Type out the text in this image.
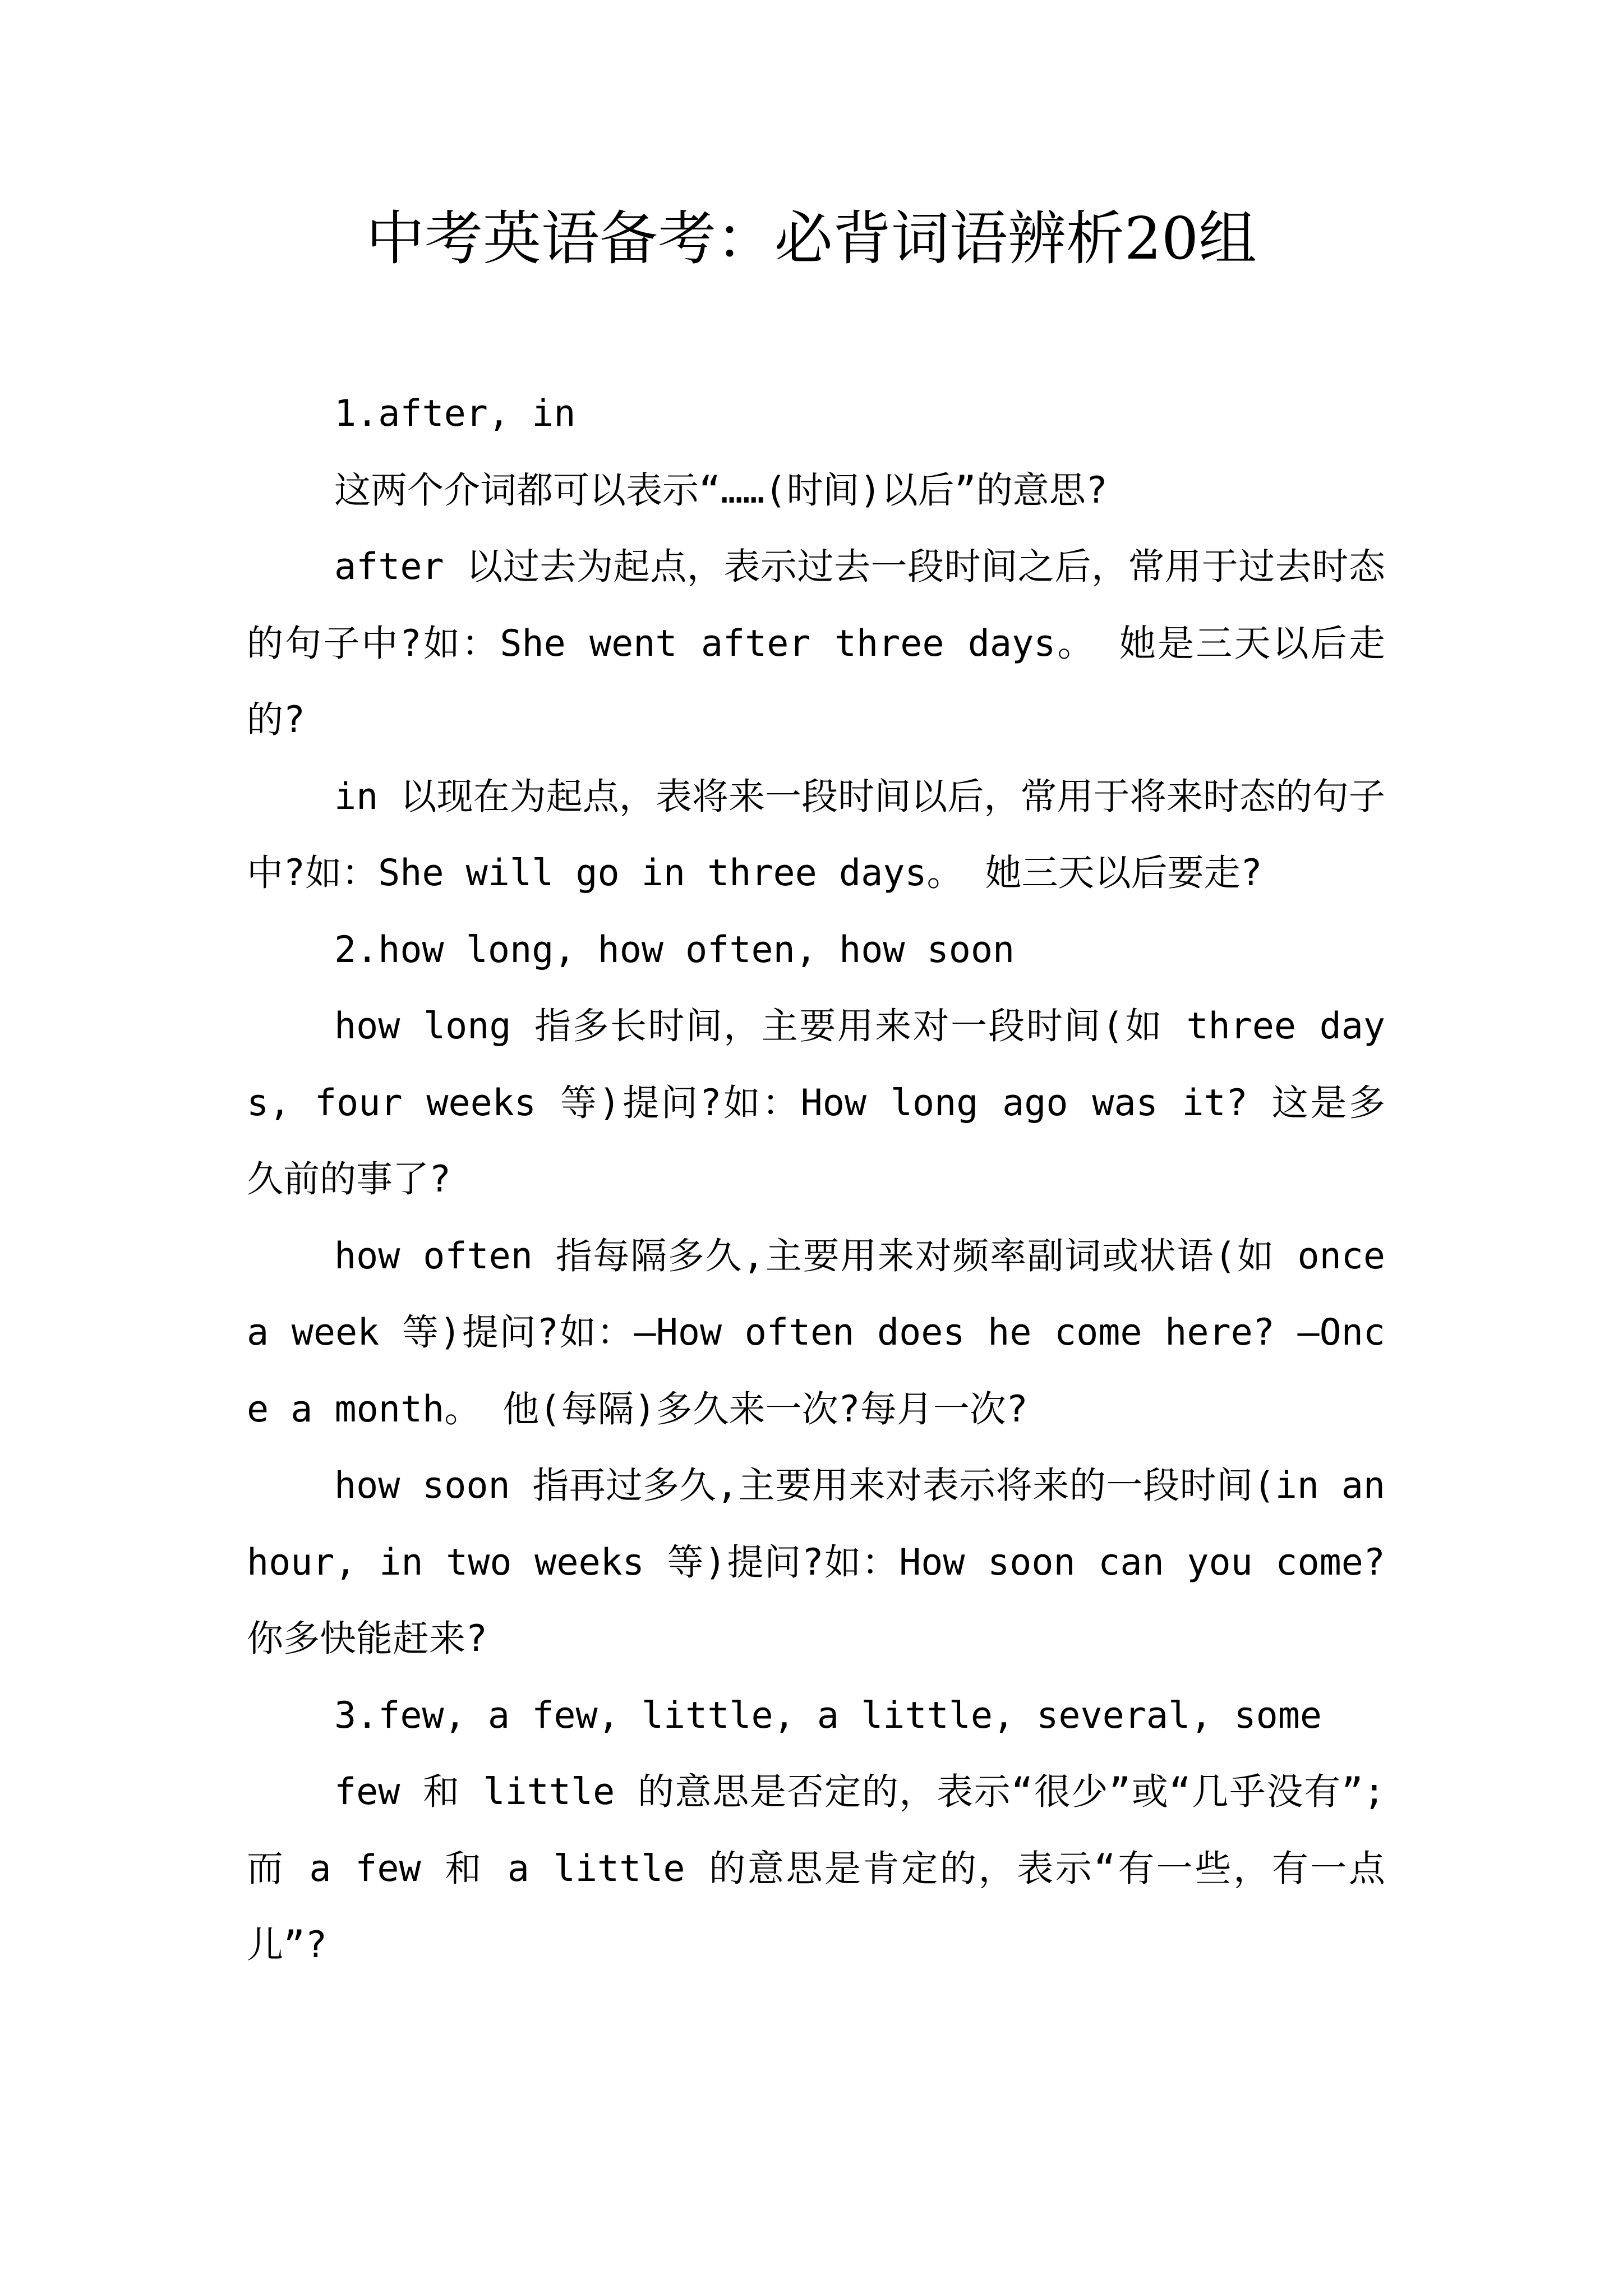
中考英语备考：必背词语辨析20组

1.after, in

这两个介词都可以表示“……(时间)以后”的意思?

after 以过去为起点，表示过去一段时间之后，常用于过去时态的句子中?如：She went after three days。 她是三天以后走的?

in 以现在为起点，表将来一段时间以后，常用于将来时态的句子中?如：She will go in three days。 她三天以后要走?

2.how long, how often, how soon

how long 指多长时间，主要用来对一段时间(如 three days, four weeks 等)提问?如：How long ago was it? 这是多久前的事了?

how often 指每隔多久,主要用来对频率副词或状语(如 once a week 等)提问?如：—How often does he come here? —Once a month。 他(每隔)多久来一次?每月一次?

how soon 指再过多久,主要用来对表示将来的一段时间(in an hour, in two weeks 等)提问?如：How soon can you come? 你多快能赶来?

3.few, a few, little, a little, several, some

few 和 little 的意思是否定的，表示“很少”或“几乎没有”;而 a few 和 a little 的意思是肯定的，表示“有一些，有一点儿”?
